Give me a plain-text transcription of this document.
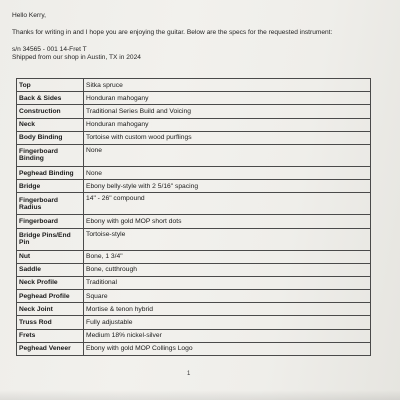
Hello Kerry,

Thanks for writing in and I hope you are enjoying the guitar. Below are the specs for the requested instrument:

s/n 34565 - 001 14-Fret T

Shipped from our shop in Austin, TX in 2024

Top	Sitka spruce
Back & Sides	Honduran mahogany
Construction	Traditional Series Build and Voicing
Neck	Honduran mahogany
Body Binding	Tortoise with custom wood purflings
Fingerboard Binding	None
Peghead Binding	None
Bridge	Ebony belly-style with 2 5/16" spacing
Fingerboard Radius	14" - 26" compound
Fingerboard	Ebony with gold MOP short dots
Bridge Pins/End Pin	Tortoise-style
Nut	Bone, 1 3/4"
Saddle	Bone, cutthrough
Neck Profile	Traditional
Peghead Profile	Square
Neck Joint	Mortise & tenon hybrid
Truss Rod	Fully adjustable
Frets	Medium 18% nickel-silver
Peghead Veneer	Ebony with gold MOP Collings Logo
1
